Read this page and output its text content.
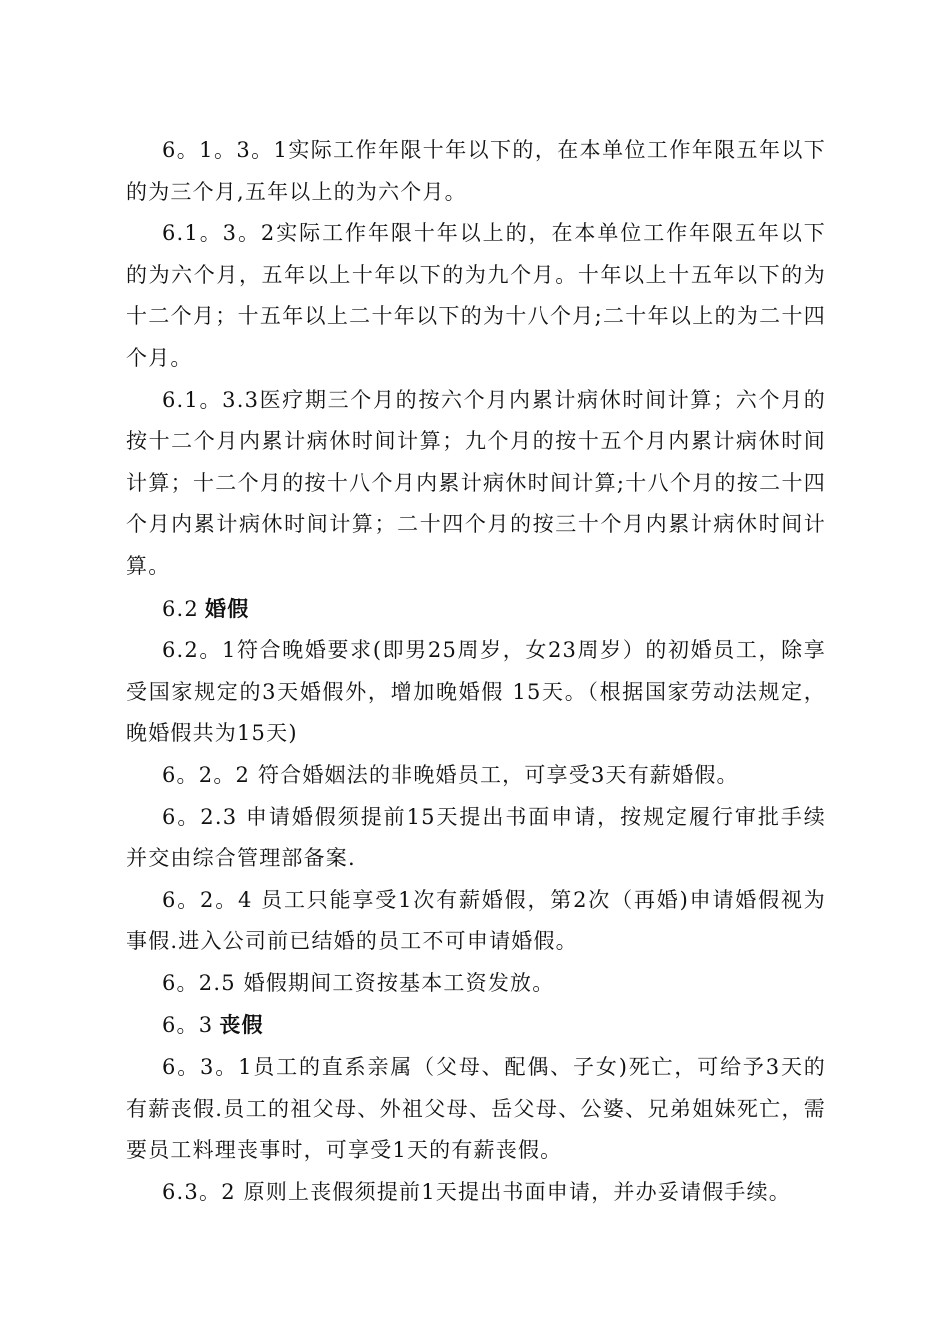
6。1。3。1实际工作年限十年以下的，在本单位工作年限五年以下的为三个月,五年以上的为六个月。

6.1。3。2实际工作年限十年以上的，在本单位工作年限五年以下的为六个月，五年以上十年以下的为九个月。十年以上十五年以下的为十二个月；十五年以上二十年以下的为十八个月;二十年以上的为二十四个月。

6.1。3.3医疗期三个月的按六个月内累计病休时间计算；六个月的按十二个月内累计病休时间计算；九个月的按十五个月内累计病休时间计算；十二个月的按十八个月内累计病休时间计算;十八个月的按二十四个月内累计病休时间计算；二十四个月的按三十个月内累计病休时间计算。

6.2 婚假

6.2。1符合晚婚要求(即男25周岁，女23周岁）的初婚员工，除享受国家规定的3天婚假外，增加晚婚假 15天。（根据国家劳动法规定，晚婚假共为15天)

6。2。2 符合婚姻法的非晚婚员工，可享受3天有薪婚假。

6。2.3 申请婚假须提前15天提出书面申请，按规定履行审批手续并交由综合管理部备案.

6。2。4 员工只能享受1次有薪婚假，第2次（再婚)申请婚假视为事假.进入公司前已结婚的员工不可申请婚假。

6。2.5 婚假期间工资按基本工资发放。

6。3 丧假

6。3。1员工的直系亲属（父母、配偶、子女)死亡，可给予3天的有薪丧假.员工的祖父母、外祖父母、岳父母、公婆、兄弟姐妹死亡，需要员工料理丧事时，可享受1天的有薪丧假。

6.3。2 原则上丧假须提前1天提出书面申请，并办妥请假手续。
